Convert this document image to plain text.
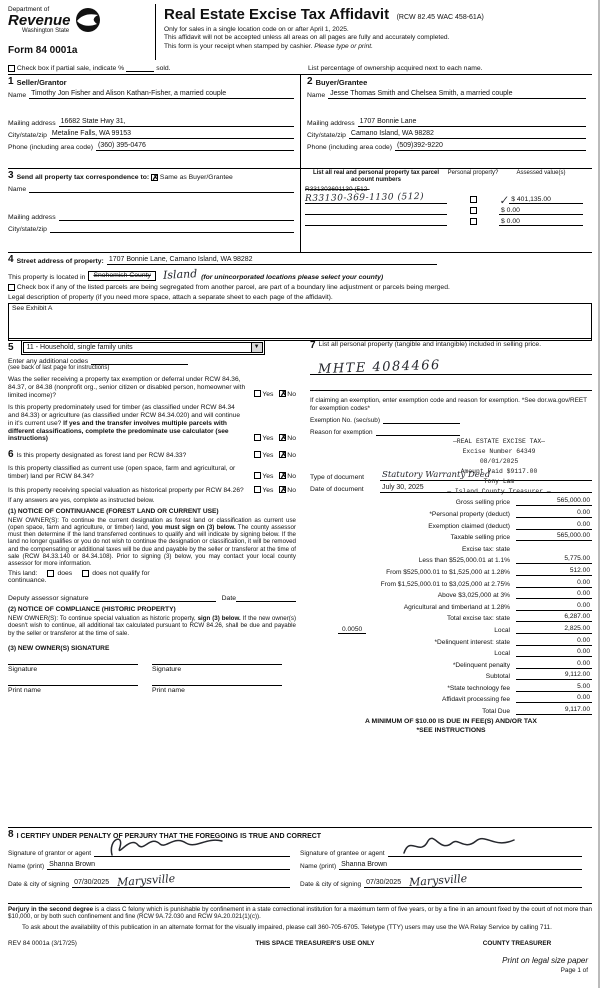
Department of
Revenue
Washington State
Form 84 0001a
Real Estate Excise Tax Affidavit (RCW 82.45 WAC 458-61A)
Only for sales in a single location code on or after April 1, 2025.
This affidavit will not be accepted unless all areas on all pages are fully and accurately completed.
This form is your receipt when stamped by cashier. Please type or print.

Check box if partial sale, indicate %	sold.	List percentage of ownership acquired next to each name.
1 Seller/Grantor
Name Timothy Jon Fisher and Alison Kathan-Fisher, a married couple
Mailing address 16682 State Hwy 31,
City/state/zip Metaline Falls, WA 99153
Phone (including area code) (360) 395-0476
2 Buyer/Grantee
Name Jesse Thomas Smith and Chelsea Smith, a married couple
Mailing address 1707 Bonnie Lane
City/state/zip Camano Island, WA 98282
Phone (including area code) (509)392-9220
3 Send all property tax correspondence to:
✗
Same as Buyer/Grantee
Name
Mailing address
City/state/zip
List all real and personal property tax parcel account numbers
Personal property?	Assessed value(s)
R331303691130 (512-
R33130-369-1130 (512)	✓ $ 401,135.00
$ 0.00
$ 0.00
4 Street address of property: 1707 Bonnie Lane, Camano Island, WA 98282
This property is located in	Snohomish County	Island (for unincorporated locations please select your county)

Check box if any of the listed parcels are being segregated from another parcel, are part of a boundary line adjustment or parcels being merged.
Legal description of property (if you need more space, attach a separate sheet to each page of the affidavit).
See Exhibit A
5	11 - Household, single family units	▼
Enter any additional codes
(see back of last page for instructions)
Was the seller receiving a property tax exemption or deferral under RCW 84.36, 84.37, or 84.38 (nonprofit org., senior citizen or disabled person, homeowner with limited income)?	Yes ✗ No
Is this property predominately used for timber (as classified under RCW 84.34 and 84.33) or agriculture (as classified under RCW 84.34.020) and will continue in it's current use? If yes and the transfer involves multiple parcels with different classifications, complete the predominate use calculator (see instructions)	Yes ✗ No
6 Is this property designated as forest land per RCW 84.33?	Yes ✗ No
Is this property classified as current use (open space, farm and agricultural, or timber) land per RCW 84.34?	Yes ✗ No
Is this property receiving special valuation as historical property per RCW 84.26?	Yes ✗ No
If any answers are yes, complete as instructed below.
(1) NOTICE OF CONTINUANCE (FOREST LAND OR CURRENT USE)
NEW OWNER(S): To continue the current designation as forest land or classification as current use (open space, farm and agriculture, or timber) land, you must sign on (3) below. The county assessor must then determine if the land transferred continues to qualify and will indicate by signing below. If the land no longer qualifies or you do not wish to continue the designation or classification, it will be removed and the compensating or additional taxes will be due and payable by the seller or transferor at the time of sale (RCW 84.33.140 or 84.34.108). Prior to signing (3) below, you may contact your local county assessor for more information.
This land:	does	does not qualify for
continuance.
Deputy assessor signature	Date
(2) NOTICE OF COMPLIANCE (HISTORIC PROPERTY)
NEW OWNER(S): To continue special valuation as historic property, sign (3) below. If the new owner(s) doesn't wish to continue, all additional tax calculated pursuant to RCW 84.26, shall be due and payable by the seller or transferor at the time of sale.
(3) NEW OWNER(S) SIGNATURE
Signature	Signature
Print name	Print name
7 List all personal property (tangible and intangible) included in selling price.
MHTE 4084466
If claiming an exemption, enter exemption code and reason for exemption. *See dor.wa.gov/REET for exemption codes*
Exemption No. (sec/sub)
Reason for exemption
—REAL ESTATE EXCISE TAX—
Excise Number 64349
08/01/2025
Amount Paid $9117.00
Tony Lam
— Island County Treasurer —
Type of document	Statutory Warranty Deed
Date of document	July 30, 2025
Gross selling price	565,000.00
*Personal property (deduct)	0.00
Exemption claimed (deduct)	0.00
Taxable selling price	565,000.00
Excise tax: state
Less than $525,000.01 at 1.1%	5,775.00
From $525,000.01 to $1,525,000 at 1.28%	512.00
From $1,525,000.01 to $3,025,000 at 2.75%	0.00
Above $3,025,000 at 3%	0.00
Agricultural and timberland at 1.28%	0.00
Total excise tax: state	6,287.00
0.0050	Local	2,825.00
*Delinquent interest: state	0.00
Local	0.00
*Delinquent penalty	0.00
Subtotal	9,112.00
*State technology fee	5.00
Affidavit processing fee	0.00
Total Due	9,117.00
A MINIMUM OF $10.00 IS DUE IN FEE(S) AND/OR TAX
*SEE INSTRUCTIONS
8 I CERTIFY UNDER PENALTY OF PERJURY THAT THE FOREGOING IS TRUE AND CORRECT
Signature of grantor or agent
Name (print) Shanna Brown
Date & city of signing 07/30/2025 Marysville
Signature of grantee or agent
Name (print) Shanna Brown
Date & city of signing 07/30/2025 Marysville
Perjury in the second degree is a class C felony which is punishable by confinement in a state correctional institution for a maximum term of five years, or by a fine in an amount fixed by the court of not more than $10,000, or by both such confinement and fine (RCW 9A.72.030 and RCW 9A.20.021(1)(c)).
To ask about the availability of this publication in an alternate format for the visually impaired, please call 360-705-6705. Teletype (TTY) users may use the WA Relay Service by calling 711.
REV 84 0001a (3/17/25)	THIS SPACE TREASURER'S USE ONLY	COUNTY TREASURER
Print on legal size paper
Page 1 of
